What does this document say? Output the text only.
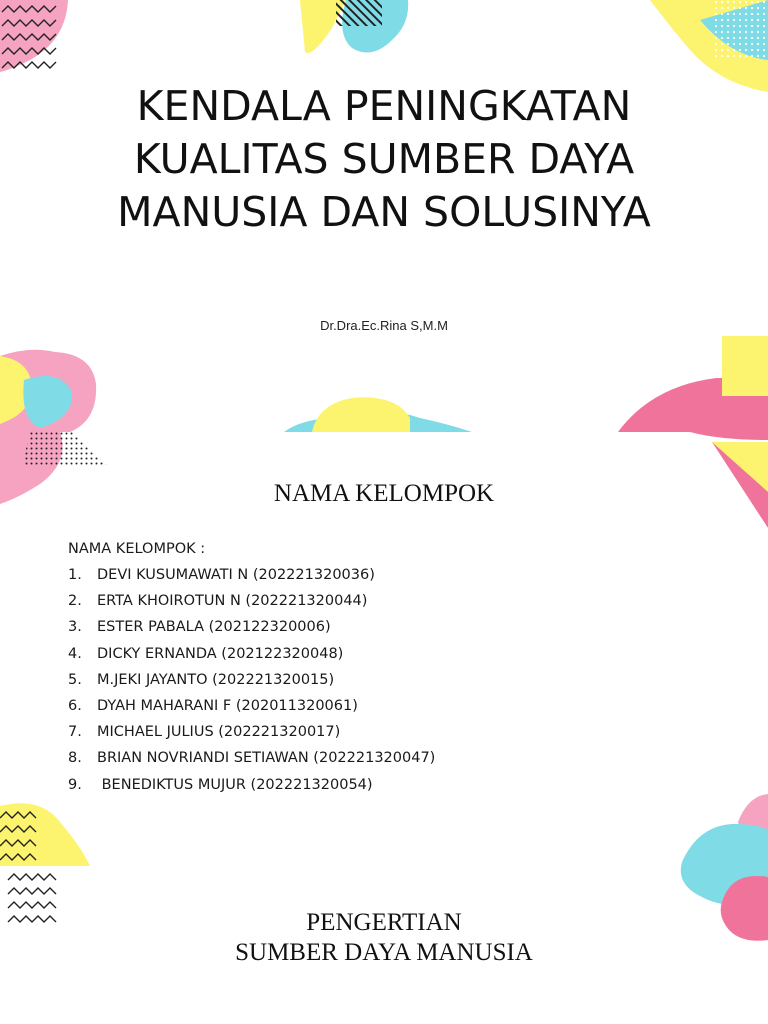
KENDALA PENINGKATAN
KUALITAS SUMBER DAYA
MANUSIA DAN SOLUSINYA
Dr.Dra.Ec.Rina S,M.M
NAMA KELOMPOK
NAMA KELOMPOK :
1. DEVI KUSUMAWATI N (202221320036)
2. ERTA KHOIROTUN N (202221320044)
3. ESTER PABALA (202122320006)
4. DICKY ERNANDA (202122320048)
5. M.JEKI JAYANTO (202221320015)
6. DYAH MAHARANI F (202011320061)
7. MICHAEL JULIUS (202221320017)
8. BRIAN NOVRIANDI SETIAWAN (202221320047)
9. BENEDIKTUS MUJUR (202221320054)
PENGERTIAN
SUMBER DAYA MANUSIA
